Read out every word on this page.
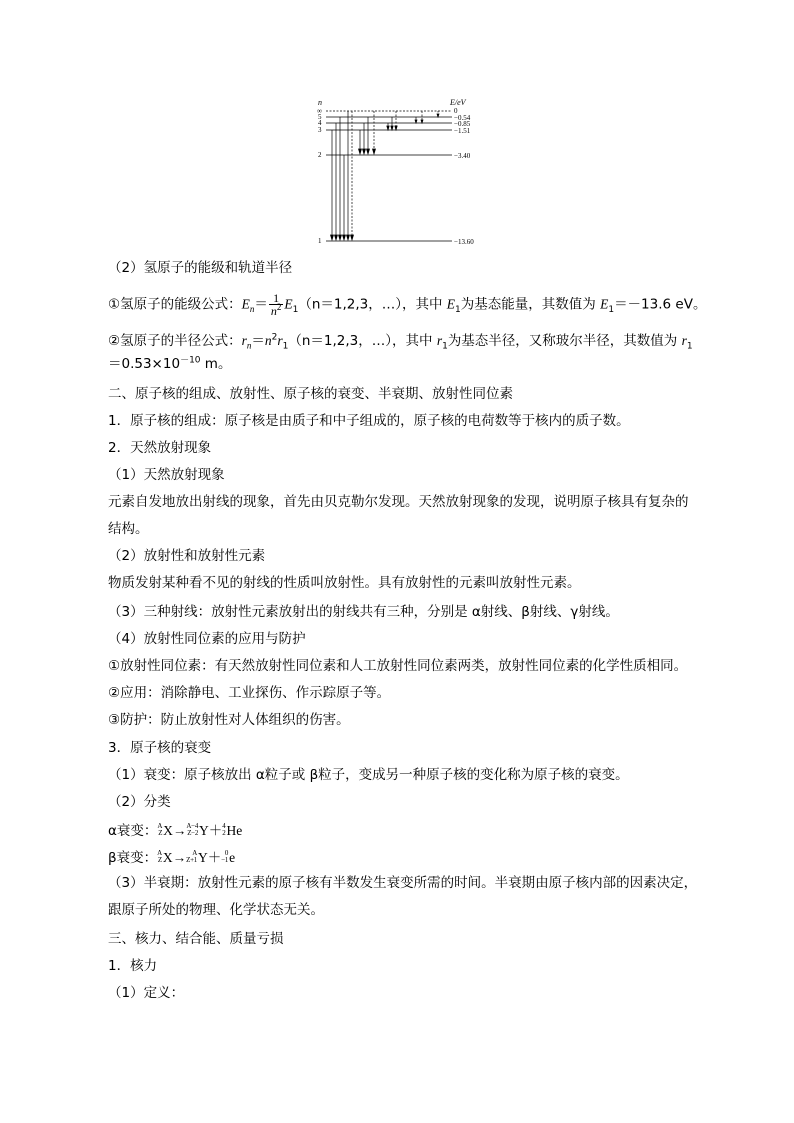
n	E/eV
∞
5
4
3
2
1
0
−0.54
−0.85
−1.51
−3.40
−13.60
（2）氢原子的能级和轨道半径
①氢原子的能级公式：$E_n= \frac{1}{n^2} E_1(n=1,2,3$，…），其中 $E_1$为基态能量，其数值为 $E_1=-13.6$ eV。
②氢原子的半径公式：$r_n=n^2r_1(n=1,2,3$，…），其中 $r_1$为基态半径，又称玻尔半径，其数值为 $r_1$
$=0.53\times 10^{-10}$ m。
二、原子核的组成、放射性、原子核的衰变、半衰期、放射性同位素
1．原子核的组成：原子核是由质子和中子组成的，原子核的电荷数等于核内的质子数。
2．天然放射现象
（1）天然放射现象
元素自发地放出射线的现象，首先由贝克勒尔发现。天然放射现象的发现，说明原子核具有复杂的
结构。
（2）放射性和放射性元素
物质发射某种看不见的射线的性质叫放射性。具有放射性的元素叫放射性元素。
（3）三种射线：放射性元素放射出的射线共有三种，分别是 α射线、β射线、γ射线。
（4）放射性同位素的应用与防护
①放射性同位素：有天然放射性同位素和人工放射性同位素两类，放射性同位素的化学性质相同。
②应用：消除静电、工业探伤、作示踪原子等。
③防护：防止放射性对人体组织的伤害。
3．原子核的衰变
（1）衰变：原子核放出 α粒子或 β粒子，变成另一种原子核的变化称为原子核的衰变。
（2）分类
α衰变： A
Z X→ A−4
Z−2 Y＋ 4
2 He
β衰变： A
Z X→ A
Z+1 Y＋ 0
−1 e
（3）半衰期：放射性元素的原子核有半数发生衰变所需的时间。半衰期由原子核内部的因素决定，
跟原子所处的物理、化学状态无关。
三、核力、结合能、质量亏损
1．核力
（1）定义：
